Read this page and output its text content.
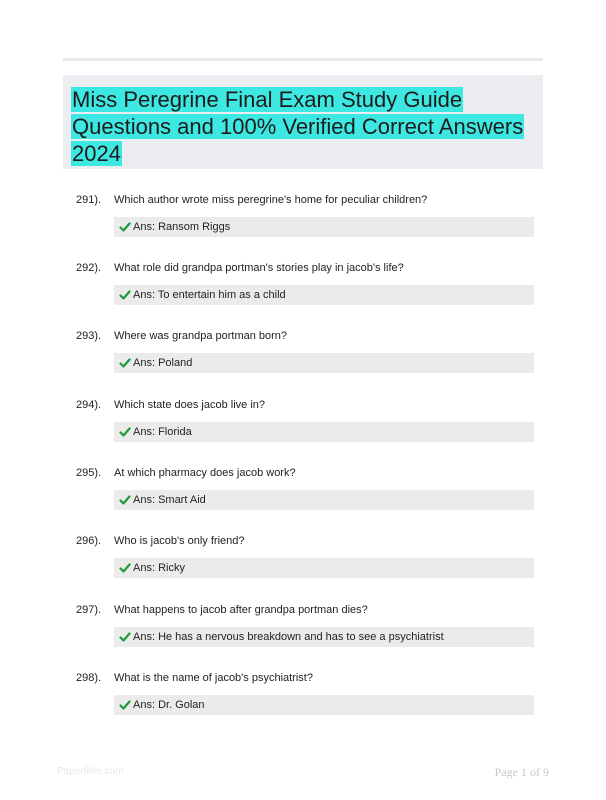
Miss Peregrine Final Exam Study Guide Questions and 100% Verified Correct Answers 2024
291). Which author wrote miss peregrine's home for peculiar children?
Ans: Ransom Riggs
292). What role did grandpa portman's stories play in jacob's life?
Ans: To entertain him as a child
293). Where was grandpa portman born?
Ans: Poland
294). Which state does jacob live in?
Ans: Florida
295). At which pharmacy does jacob work?
Ans: Smart Aid
296). Who is jacob's only friend?
Ans: Ricky
297). What happens to jacob after grandpa portman dies?
Ans: He has a nervous breakdown and has to see a psychiatrist
298). What is the name of jacob's psychiatrist?
Ans: Dr. Golan
Paperfilter.com	Page 1 of 9
